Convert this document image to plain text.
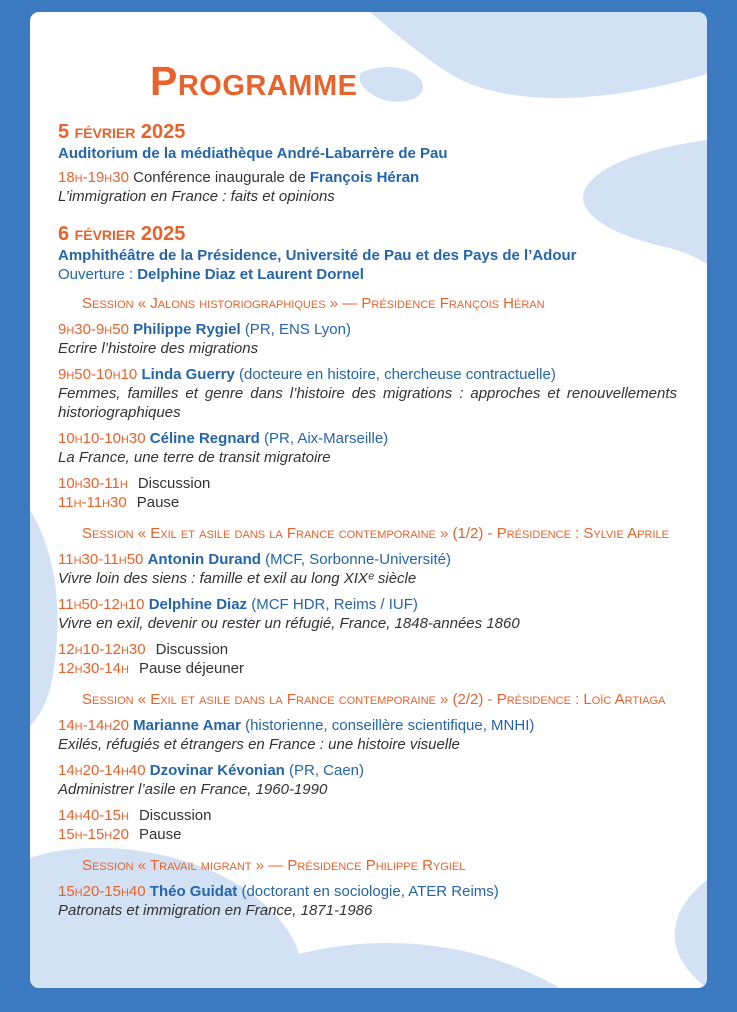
Programme
5 février 2025
Auditorium de la médiathèque André-Labarrère de Pau
18h-19h30 Conférence inaugurale de François Héran
L’immigration en France : faits et opinions
6 février 2025
Amphithéâtre de la Présidence, Université de Pau et des Pays de l’Adour
Ouverture : Delphine Diaz et Laurent Dornel
Session « Jalons historiographiques » — Présidence François Héran
9h30-9h50 Philippe Rygiel (PR, ENS Lyon)
Ecrire l’histoire des migrations
9h50-10h10 Linda Guerry (docteure en histoire, chercheuse contractuelle)
Femmes, familles et genre dans l’histoire des migrations : approches et renouvellements historiographiques
10h10-10h30 Céline Regnard (PR, Aix-Marseille)
La France, une terre de transit migratoire
10h30-11h Discussion
11h-11h30 Pause
Session « Exil et asile dans la France contemporaine » (1/2) - Présidence : Sylvie Aprile
11h30-11h50 Antonin Durand (MCF, Sorbonne-Université)
Vivre loin des siens : famille et exil au long XIXᵉ siècle
11h50-12h10 Delphine Diaz (MCF HDR, Reims / IUF)
Vivre en exil, devenir ou rester un réfugié, France, 1848-années 1860
12h10-12h30 Discussion
12h30-14h Pause déjeuner
Session « Exil et asile dans la France contemporaine » (2/2) - Présidence : Loïc Artiaga
14h-14h20 Marianne Amar (historienne, conseillère scientifique, MNHI)
Exilés, réfugiés et étrangers en France : une histoire visuelle
14h20-14h40 Dzovinar Kévonian (PR, Caen)
Administrer l’asile en France, 1960-1990
14h40-15h Discussion
15h-15h20 Pause
Session « Travail migrant » — Présidence Philippe Rygiel
15h20-15h40 Théo Guidat (doctorant en sociologie, ATER Reims)
Patronats et immigration en France, 1871-1986
